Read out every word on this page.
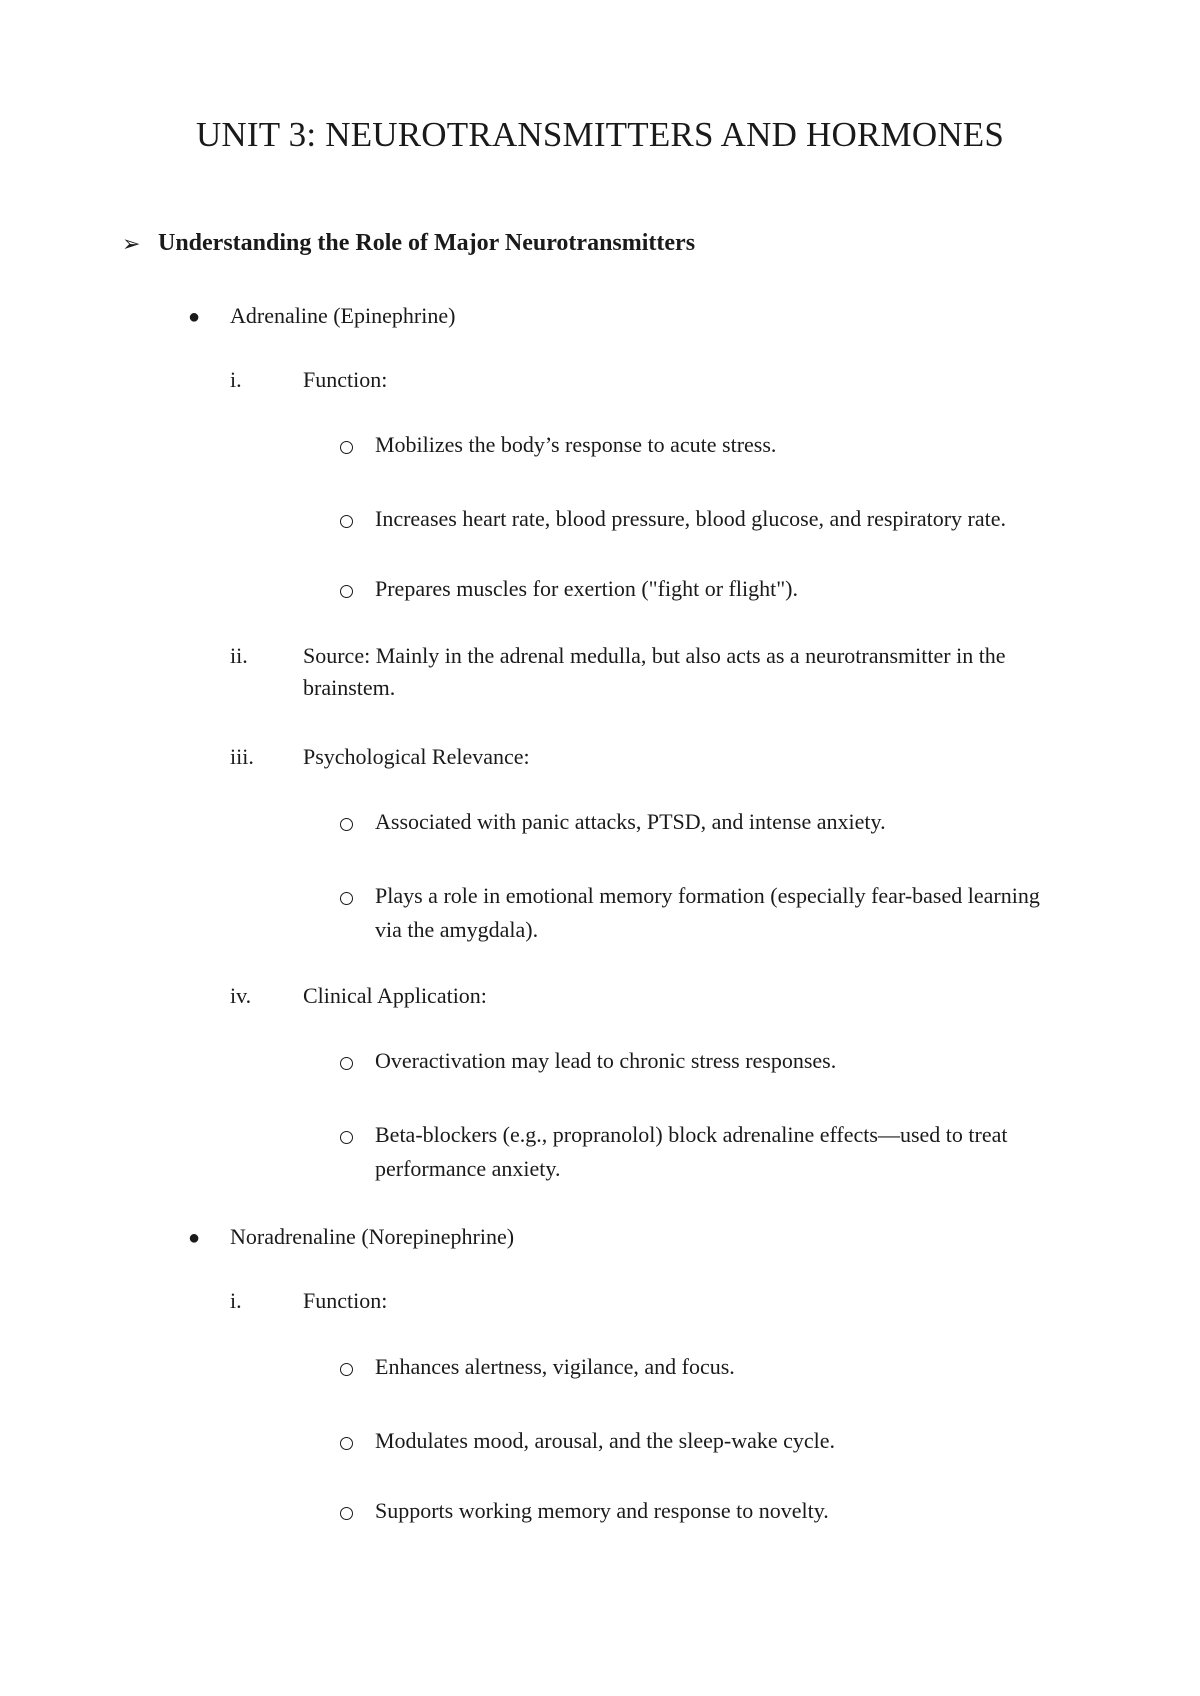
UNIT 3: NEUROTRANSMITTERS AND HORMONES
➢ Understanding the Role of Major Neurotransmitters
● Adrenaline (Epinephrine)
i.	Function:
Mobilizes the body’s response to acute stress.
Increases heart rate, blood pressure, blood glucose, and respiratory rate.
Prepares muscles for exertion ("fight or flight").
ii.	Source: Mainly in the adrenal medulla, but also acts as a neurotransmitter in the
brainstem.
iii. Psychological Relevance:
Associated with panic attacks, PTSD, and intense anxiety.
Plays a role in emotional memory formation (especially fear-based learning
via the amygdala).
iv. Clinical Application:
Overactivation may lead to chronic stress responses.
Beta-blockers (e.g., propranolol) block adrenaline effects—used to treat
performance anxiety.
● Noradrenaline (Norepinephrine)
i.	Function:
Enhances alertness, vigilance, and focus.
Modulates mood, arousal, and the sleep-wake cycle.
Supports working memory and response to novelty.
